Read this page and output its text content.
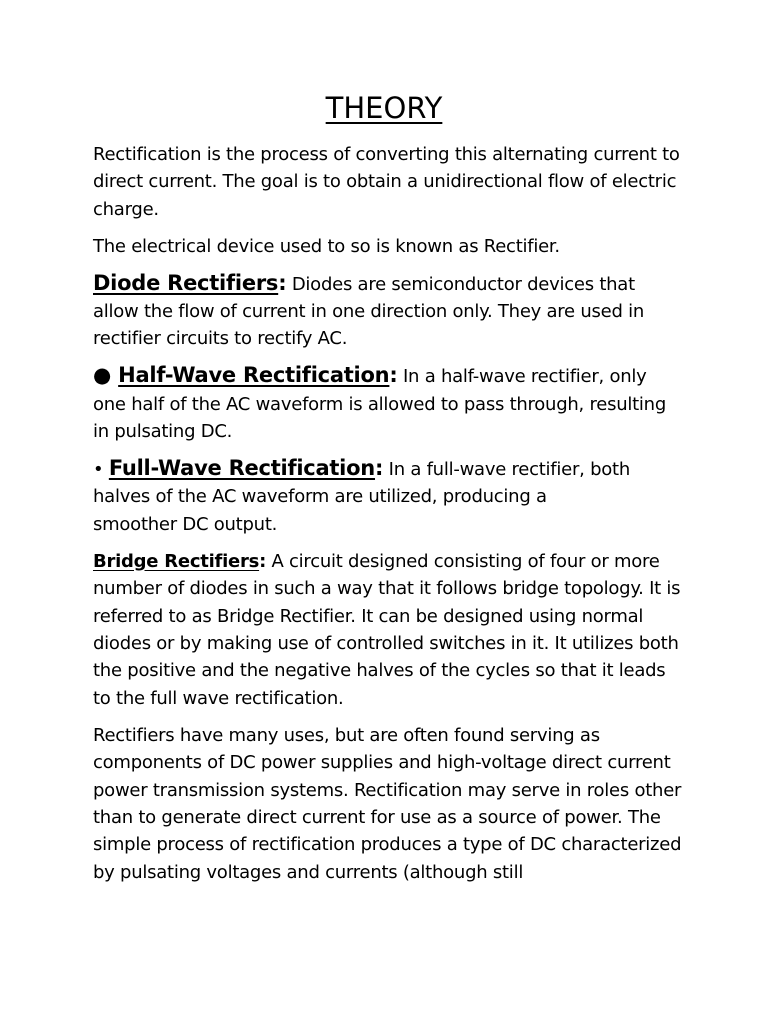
THEORY

Rectification is the process of converting this alternating current to direct current. The goal is to obtain a unidirectional flow of electric charge.

The electrical device used to so is known as Rectifier.

Diode Rectifiers: Diodes are semiconductor devices that allow the flow of current in one direction only. They are used in rectifier circuits to rectify AC.

● Half-Wave Rectification: In a half-wave rectifier, only one half of the AC waveform is allowed to pass through, resulting in pulsating DC.

• Full-Wave Rectification: In a full-wave rectifier, both halves of the AC waveform are utilized, producing a
smoother DC output.

Bridge Rectifiers: A circuit designed consisting of four or more number of diodes in such a way that it follows bridge topology. It is referred to as Bridge Rectifier. It can be designed using normal diodes or by making use of controlled switches in it. It utilizes both the positive and the negative halves of the cycles so that it leads to the full wave rectification.

Rectifiers have many uses, but are often found serving as components of DC power supplies and high-voltage direct current power transmission systems. Rectification may serve in roles other than to generate direct current for use as a source of power. The simple process of rectification produces a type of DC characterized by pulsating voltages and currents (although still
